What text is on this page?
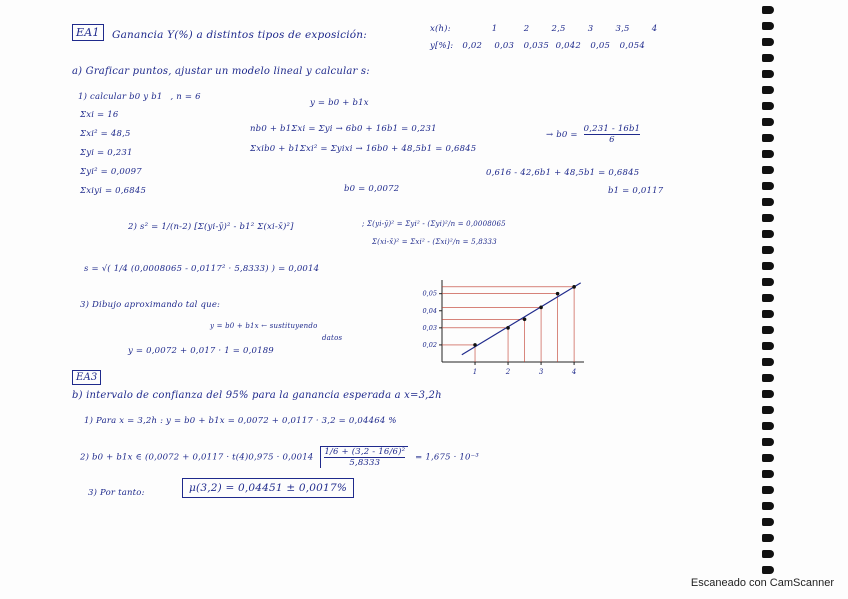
EA1	Ganancia Y(%) a distintos tipos de exposición:	x(h):	1	2	2,5	3	3,5	4
y[%]: 0,02 0,03 0,035 0,042 0,05 0,054
a) Graficar puntos, ajustar un modelo lineal y calcular s:
1) calcular b0 y b1 , n = 6
y = b0 + b1x
Σxi = 16
Σxi² = 48,5
Σyi = 0,231
Σyi² = 0,0097
Σxiyi = 0,6845
nb0 + b1Σxi = Σyi → 6b0 + 16b1 = 0,231
Σxib0 + b1Σxi² = Σyixi → 16b0 + 48,5b1 = 0,6845
→ $b0 = \frac{0,231 - 16b1}{6}$
0,616 - 42,6b1 + 48,5b1 = 0,6845
b0 = 0,0072	b1 = 0,0117
2) s² = 1/(n-2) [Σ(yi-ȳ)² - b1² Σ(xi-x̄)²]	; Σ(yi-ȳ)² = Σyi² - (Σyi)²/n = 0,0008065
Σ(xi-x̄)² = Σxi² - (Σxi)²/n = 5,8333
s = √( 1/4 (0,0008065 - 0,0117² · 5,8333) ) = 0,0014
3) Dibujo aproximando tal que:
y = b0 + b1x ← sustituyendo
datos
y = 0,0072 + 0,017 · 1 = 0,0189
1	2	3	4
0,02
0,03
0,04
0,05
EA3
b) intervalo de confianza del 95% para la ganancia esperada a x=3,2h
1) Para x = 3,2h : y = b0 + b1x = 0,0072 + 0,0117 · 3,2 = 0,04464 %
2) b0 + b1x ∈ ($0,0072 + 0,0117 \cdot t(4)0,975 \cdot 0,0014 \frac{\text{1/6 + (3,2 - 16/6)²}}{5,8333} = 1,675 \cdot 10^{-3}$
3) Por tanto:	μ(3,2) = 0,04451 ± 0,0017%
Escaneado con CamScanner
